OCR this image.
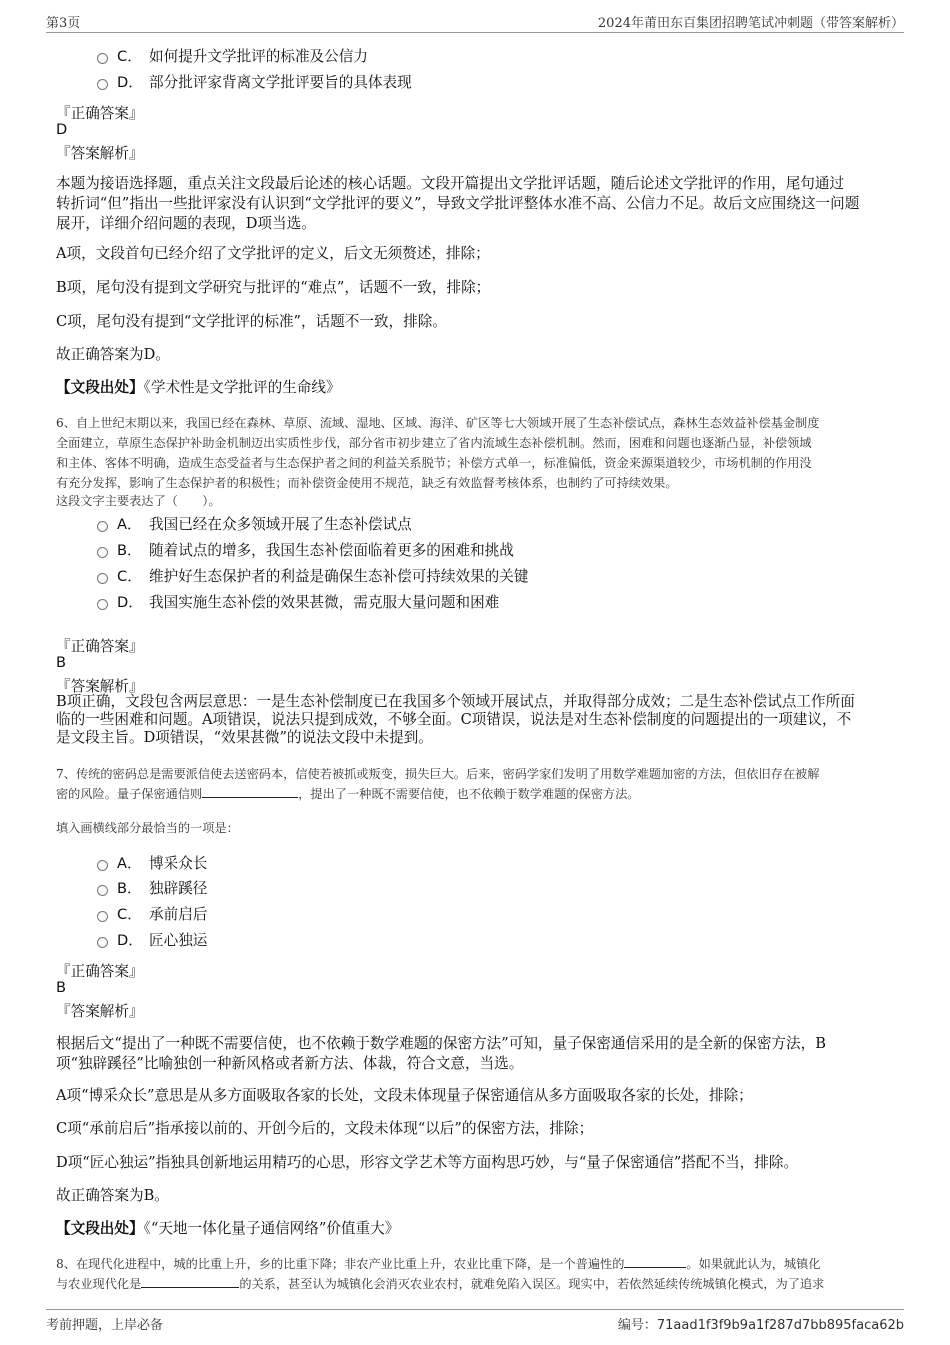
第3页	2024年莆田东百集团招聘笔试冲刺题（带答案解析）
C． 如何提升文学批评的标准及公信力
D． 部分批评家背离文学批评要旨的具体表现
『正确答案』
D
『答案解析』
本题为接语选择题，重点关注文段最后论述的核心话题。文段开篇提出文学批评话题，随后论述文学批评的作用，尾句通过
转折词“但”指出一些批评家没有认识到“文学批评的要义”，导致文学批评整体水准不高、公信力不足。故后文应围绕这一问题
展开，详细介绍问题的表现，D项当选。
A项，文段首句已经介绍了文学批评的定义，后文无须赘述，排除；
B项，尾句没有提到文学研究与批评的“难点”，话题不一致，排除；
C项，尾句没有提到“文学批评的标准”，话题不一致，排除。
故正确答案为D。
【文段出处】《学术性是文学批评的生命线》
6、自上世纪末期以来，我国已经在森林、草原、流域、湿地、区域、海洋、矿区等七大领域开展了生态补偿试点，森林生态效益补偿基金制度
全面建立，草原生态保护补助金机制迈出实质性步伐，部分省市初步建立了省内流域生态补偿机制。然而，困难和问题也逐渐凸显，补偿领域
和主体、客体不明确，造成生态受益者与生态保护者之间的利益关系脱节；补偿方式单一，标准偏低，资金来源渠道较少，市场机制的作用没
有充分发挥，影响了生态保护者的积极性；而补偿资金使用不规范，缺乏有效监督考核体系，也制约了可持续效果。
这段文字主要表达了（　　）。
A． 我国已经在众多领域开展了生态补偿试点
B． 随着试点的增多，我国生态补偿面临着更多的困难和挑战
C． 维护好生态保护者的利益是确保生态补偿可持续效果的关键
D． 我国实施生态补偿的效果甚微，需克服大量问题和困难
『正确答案』
B
『答案解析』
B项正确，文段包含两层意思：一是生态补偿制度已在我国多个领域开展试点，并取得部分成效；二是生态补偿试点工作所面
临的一些困难和问题。A项错误，说法只提到成效，不够全面。C项错误，说法是对生态补偿制度的问题提出的一项建议，不
是文段主旨。D项错误，“效果甚微”的说法文段中未提到。
7、传统的密码总是需要派信使去送密码本，信使若被抓或叛变，损失巨大。后来，密码学家们发明了用数学难题加密的方法，但依旧存在被解
密的风险。量子保密通信则	，提出了一种既不需要信使，也不依赖于数学难题的保密方法。
填入画横线部分最恰当的一项是：
A． 博采众长
B． 独辟蹊径
C． 承前启后
D． 匠心独运
『正确答案』
B
『答案解析』
根据后文“提出了一种既不需要信使，也不依赖于数学难题的保密方法”可知，量子保密通信采用的是全新的保密方法，B
项“独辟蹊径”比喻独创一种新风格或者新方法、体裁，符合文意，当选。
A项“博采众长”意思是从多方面吸取各家的长处，文段未体现量子保密通信从多方面吸取各家的长处，排除；
C项“承前启后”指承接以前的、开创今后的，文段未体现“以后”的保密方法，排除；
D项“匠心独运”指独具创新地运用精巧的心思，形容文学艺术等方面构思巧妙，与“量子保密通信”搭配不当，排除。
故正确答案为B。
【文段出处】《“天地一体化量子通信网络”价值重大》
8、在现代化进程中，城的比重上升，乡的比重下降；非农产业比重上升，农业比重下降，是一个普遍性的	。如果就此认为，城镇化
与农业现代化是	的关系，甚至认为城镇化会消灭农业农村，就难免陷入误区。现实中，若依然延续传统城镇化模式，为了追求
考前押题，上岸必备	编号：71aad1f3f9b9a1f287d7bb895faca62b
